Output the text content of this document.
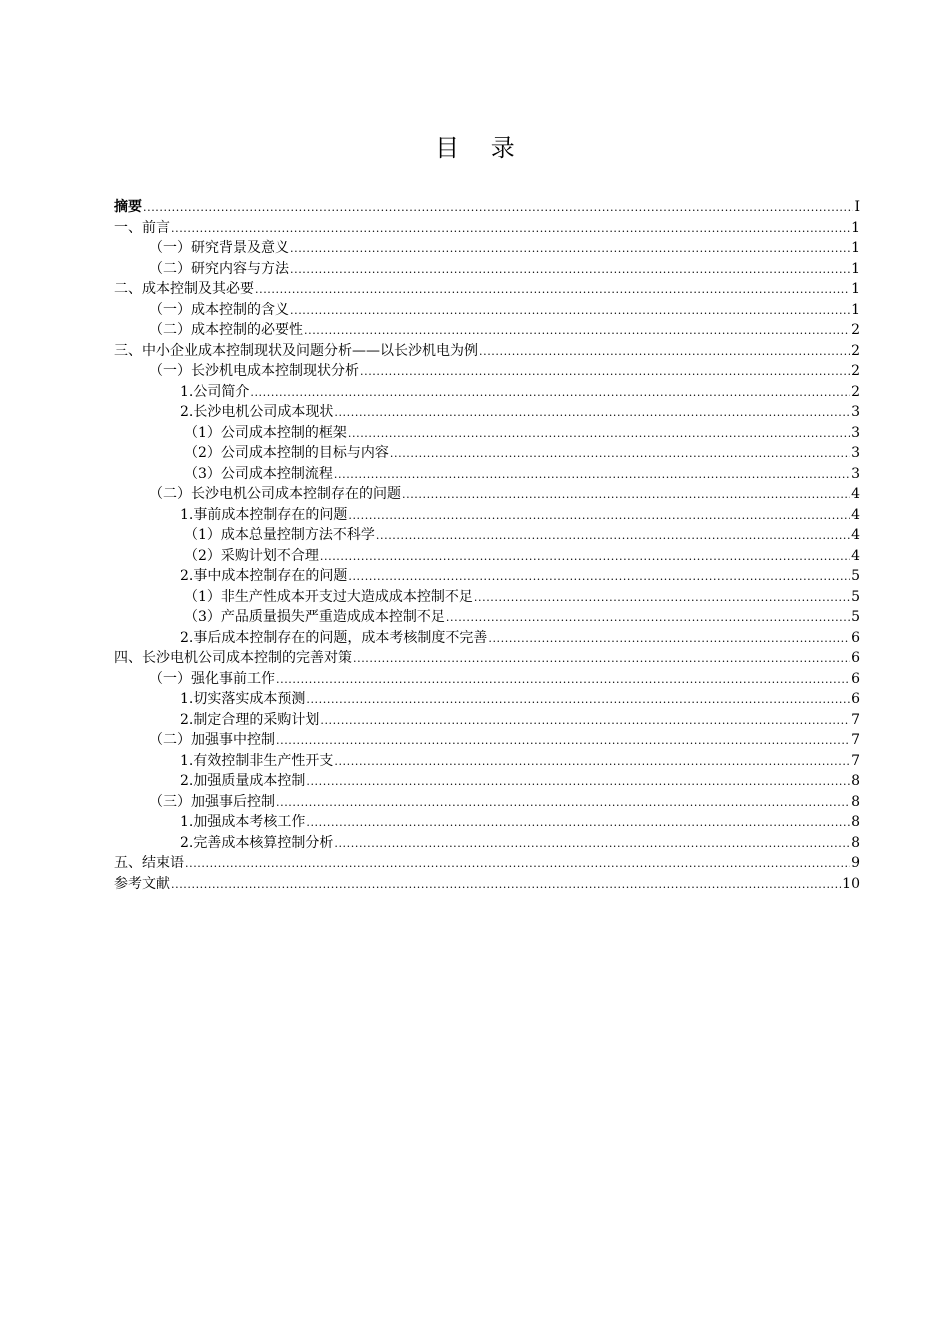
目 录
摘要 .....	I
一、前言 .....	1
（一）研究背景及意义 .....	1
（二）研究内容与方法 .....	1
二、成本控制及其必要 .....	1
（一）成本控制的含义 .....	1
（二）成本控制的必要性 .....	2
三、中小企业成本控制现状及问题分析——以长沙机电为例 .....	2
（一）长沙机电成本控制现状分析 .....	2
1.公司简介 .....	2
2.长沙电机公司成本现状 .....	3
（1）公司成本控制的框架 .....	3
（2）公司成本控制的目标与内容 .....	3
（3）公司成本控制流程 .....	3
（二）长沙电机公司成本控制存在的问题 .....	4
1.事前成本控制存在的问题 .....	4
（1）成本总量控制方法不科学 .....	4
（2）采购计划不合理 .....	4
2.事中成本控制存在的问题 .....	5
（1）非生产性成本开支过大造成成本控制不足 .....	5
（3）产品质量损失严重造成成本控制不足 .....	5
2.事后成本控制存在的问题，成本考核制度不完善 .....	6
四、长沙电机公司成本控制的完善对策 .....	6
（一）强化事前工作 .....	6
1.切实落实成本预测 .....	6
2.制定合理的采购计划 .....	7
（二）加强事中控制 .....	7
1.有效控制非生产性开支 .....	7
2.加强质量成本控制 .....	8
（三）加强事后控制 .....	8
1.加强成本考核工作 .....	8
2.完善成本核算控制分析 .....	8
五、结束语 .....	9
参考文献 .....	10
